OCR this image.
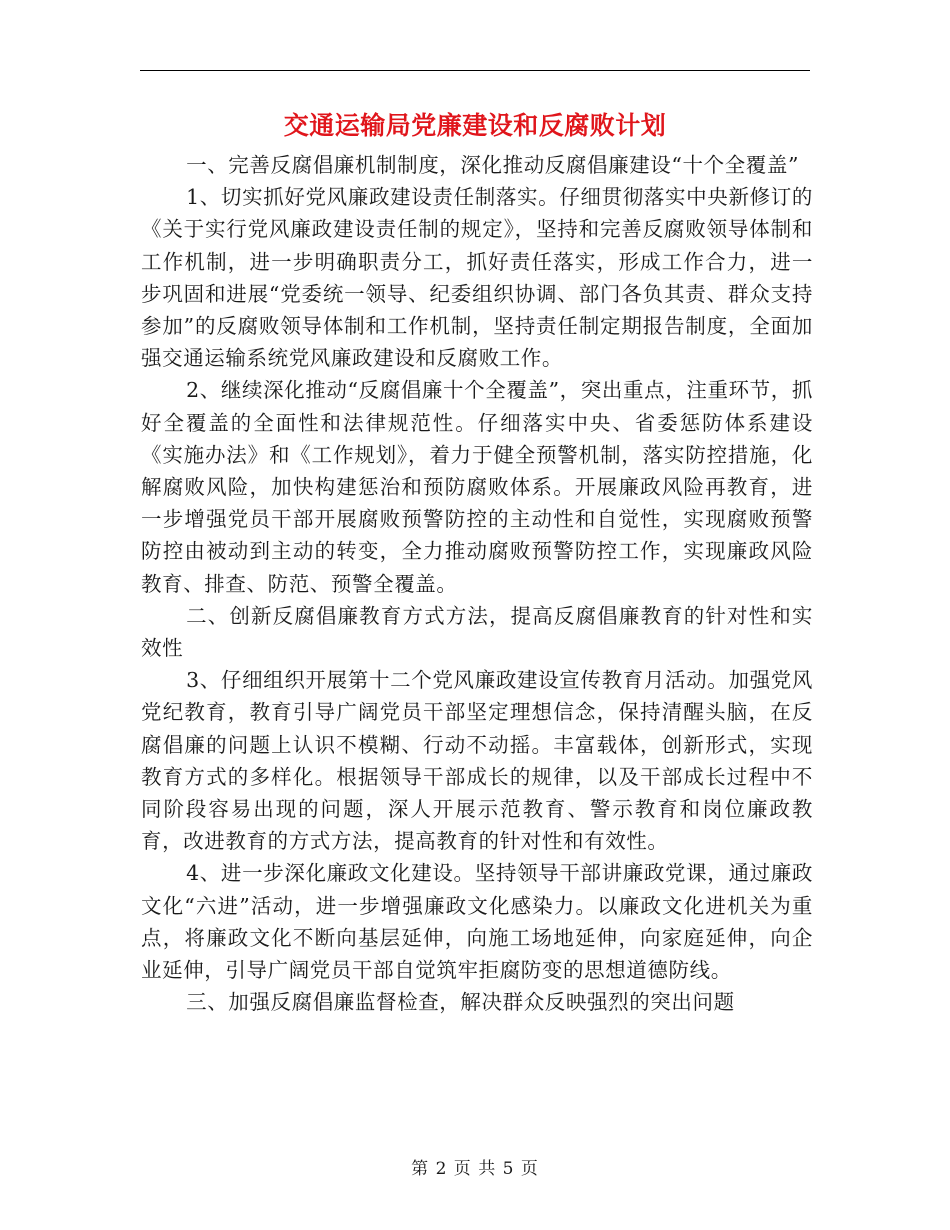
交通运输局党廉建设和反腐败计划

一、完善反腐倡廉机制制度，深化推动反腐倡廉建设“十个全覆盖”

1、切实抓好党风廉政建设责任制落实。仔细贯彻落实中央新修订的《关于实行党风廉政建设责任制的规定》，坚持和完善反腐败领导体制和工作机制，进一步明确职责分工，抓好责任落实，形成工作合力，进一步巩固和进展“党委统一领导、纪委组织协调、部门各负其责、群众支持参加”的反腐败领导体制和工作机制，坚持责任制定期报告制度，全面加强交通运输系统党风廉政建设和反腐败工作。

2、继续深化推动“反腐倡廉十个全覆盖”，突出重点，注重环节，抓好全覆盖的全面性和法律规范性。仔细落实中央、省委惩防体系建设《实施办法》和《工作规划》，着力于健全预警机制，落实防控措施，化解腐败风险，加快构建惩治和预防腐败体系。开展廉政风险再教育，进一步增强党员干部开展腐败预警防控的主动性和自觉性，实现腐败预警防控由被动到主动的转变，全力推动腐败预警防控工作，实现廉政风险教育、排查、防范、预警全覆盖。

二、创新反腐倡廉教育方式方法，提高反腐倡廉教育的针对性和实效性

3、仔细组织开展第十二个党风廉政建设宣传教育月活动。加强党风党纪教育，教育引导广阔党员干部坚定理想信念，保持清醒头脑，在反腐倡廉的问题上认识不模糊、行动不动摇。丰富载体，创新形式，实现教育方式的多样化。根据领导干部成长的规律，以及干部成长过程中不同阶段容易出现的问题，深人开展示范教育、警示教育和岗位廉政教育，改进教育的方式方法，提高教育的针对性和有效性。

4、进一步深化廉政文化建设。坚持领导干部讲廉政党课，通过廉政文化“六进”活动，进一步增强廉政文化感染力。以廉政文化进机关为重点，将廉政文化不断向基层延伸，向施工场地延伸，向家庭延伸，向企业延伸，引导广阔党员干部自觉筑牢拒腐防变的思想道德防线。

三、加强反腐倡廉监督检查，解决群众反映强烈的突出问题

第 2 页 共 5 页
